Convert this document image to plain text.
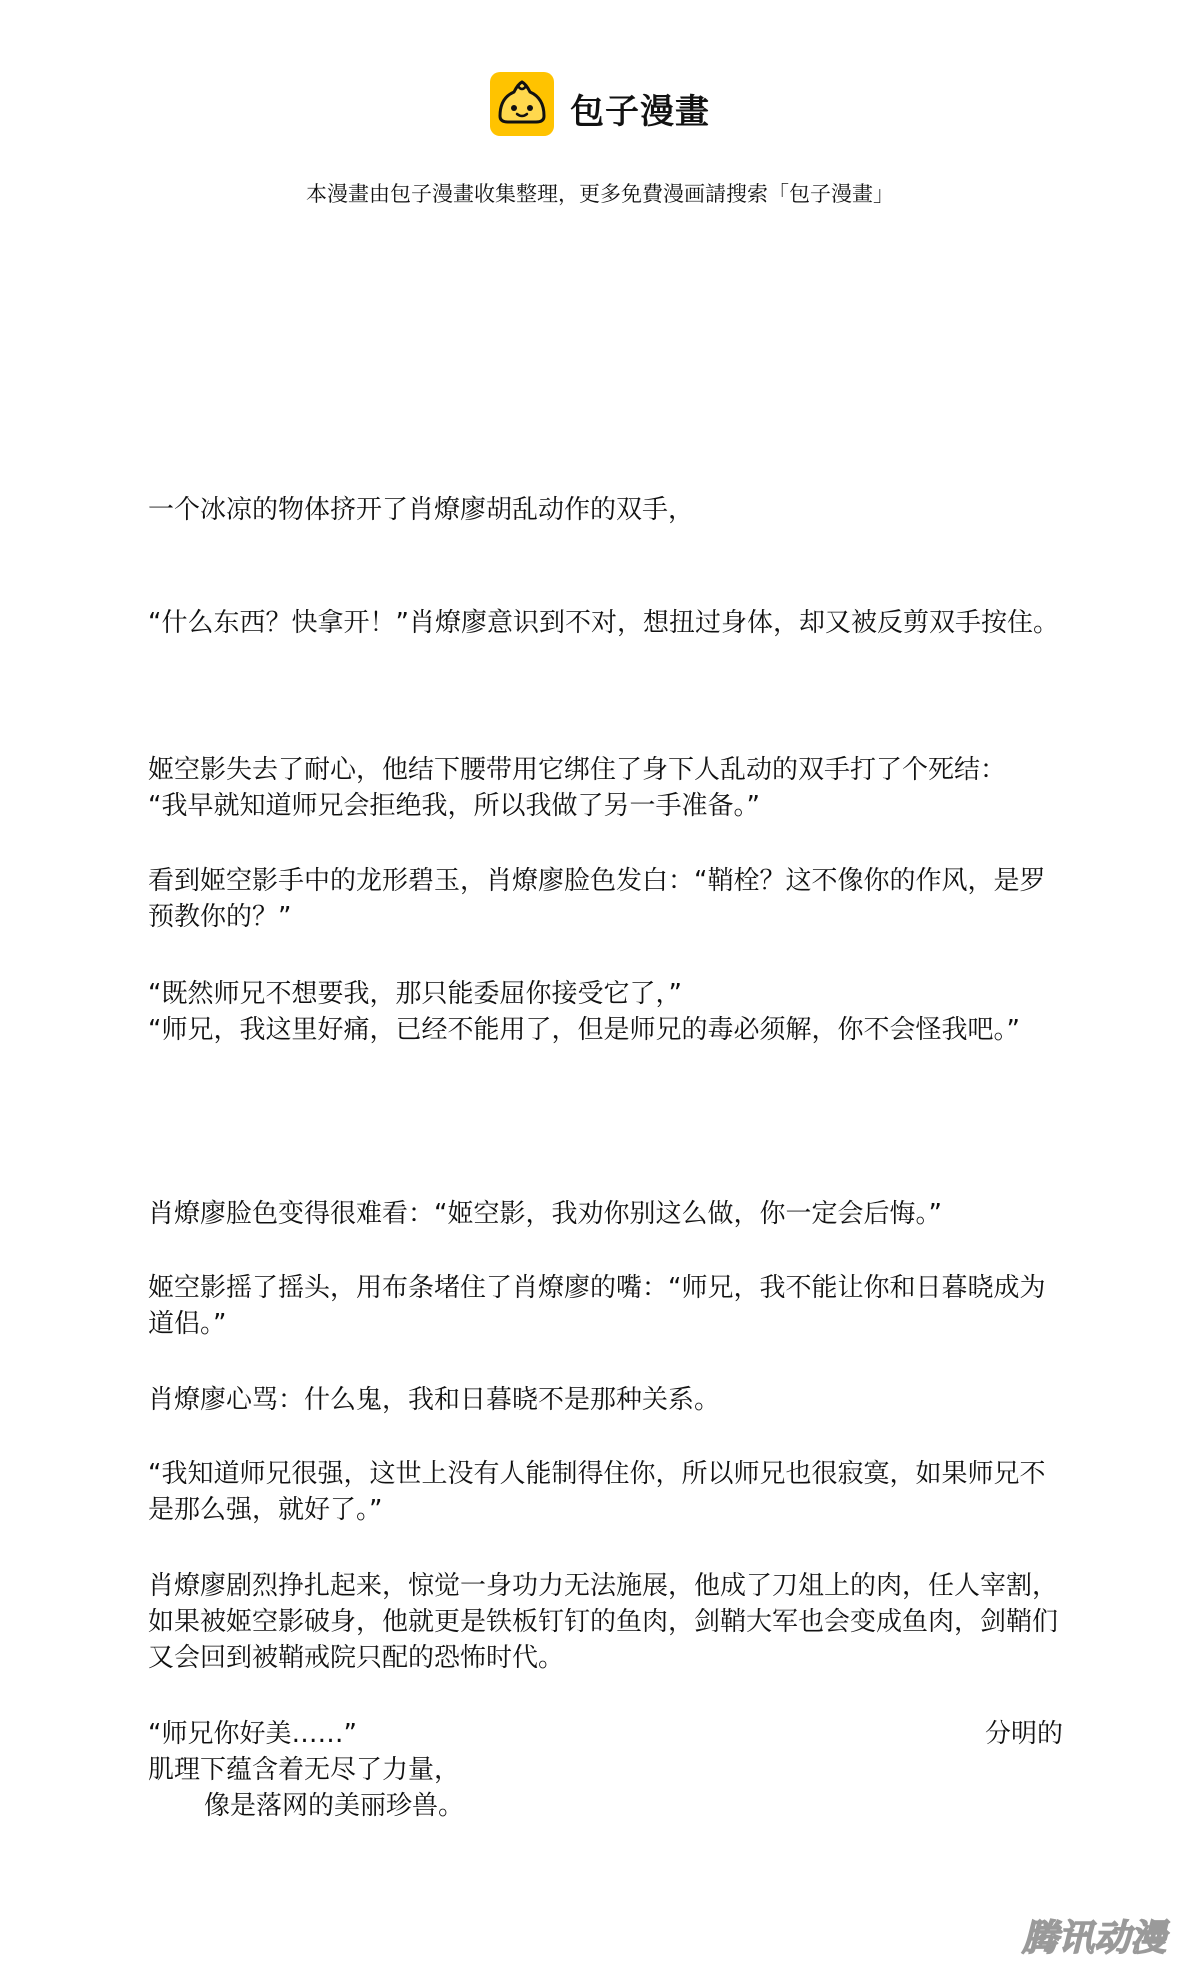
包子漫畫
本漫畫由包子漫畫收集整理，更多免費漫画請搜索「包子漫畫」

一个冰凉的物体挤开了肖燎廖胡乱动作的双手，

“什么东西？快拿开！”肖燎廖意识到不对，想扭过身体，却又被反剪双手按住。

姬空影失去了耐心，他结下腰带用它绑住了身下人乱动的双手打了个死结：

“我早就知道师兄会拒绝我，所以我做了另一手准备。”

看到姬空影手中的龙形碧玉，肖燎廖脸色发白：“鞘栓？这不像你的作风，是罗预教你的？”

“既然师兄不想要我，那只能委屈你接受它了，”

“师兄，我这里好痛，已经不能用了，但是师兄的毒必须解，你不会怪我吧。”

肖燎廖脸色变得很难看：“姬空影，我劝你别这么做，你一定会后悔。”

姬空影摇了摇头，用布条堵住了肖燎廖的嘴：“师兄，我不能让你和日暮晓成为道侣。”

肖燎廖心骂：什么鬼，我和日暮晓不是那种关系。

“我知道师兄很强，这世上没有人能制得住你，所以师兄也很寂寞，如果师兄不是那么强，就好了。”

肖燎廖剧烈挣扎起来，惊觉一身功力无法施展，他成了刀俎上的肉，任人宰割，如果被姬空影破身，他就更是铁板钉钉的鱼肉，剑鞘大军也会变成鱼肉，剑鞘们又会回到被鞘戒院只配的恐怖时代。

“师兄你好美……”	分明的

肌理下蕴含着无尽了力量，

像是落网的美丽珍兽。

腾讯动漫
